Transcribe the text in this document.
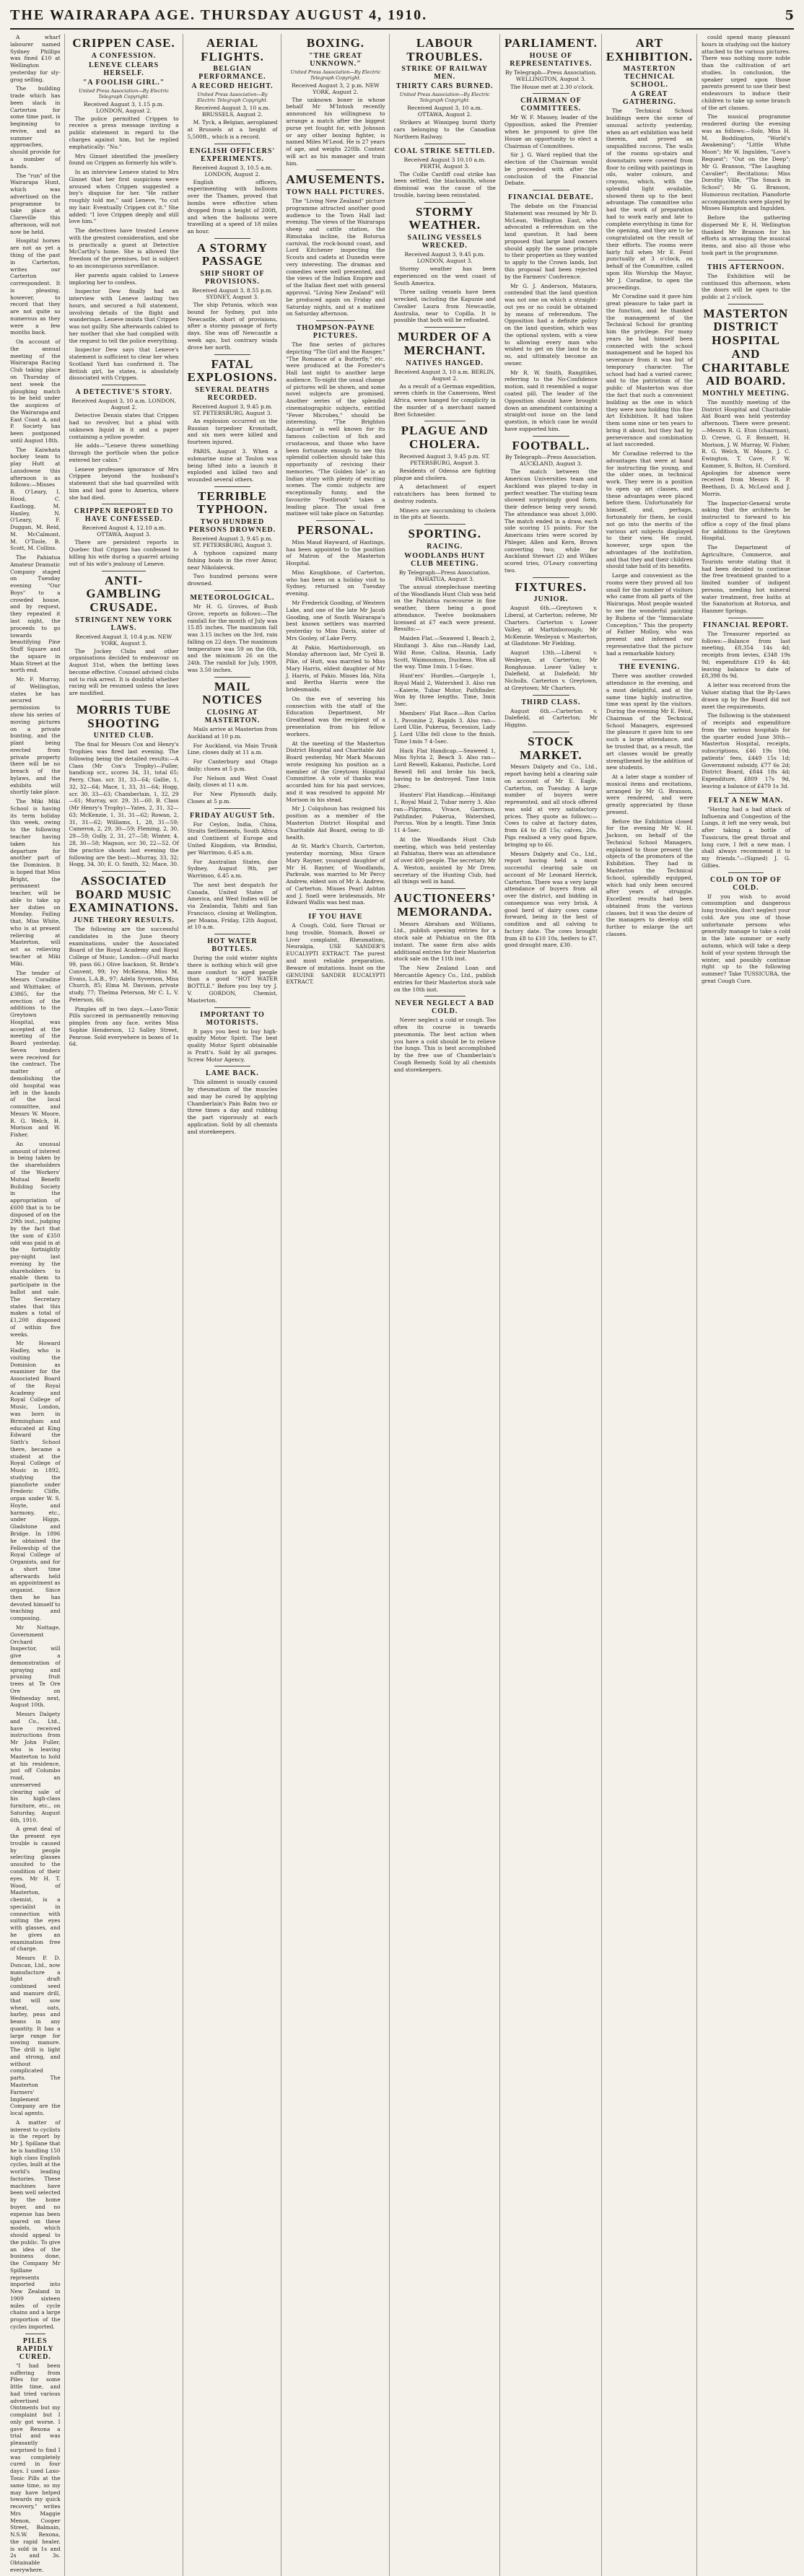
THE WAIRARAPA AGE. THURSDAY AUGUST 4, 1910.	5

A wharf labourer named Sydney Phillips was fined £10 at Wellington yesterday for sly-grog selling.

The building trade which has been slack in Carterton for some time past, is beginning to revive, and as summer approaches, should provide for a number of hands.

The "run" of the Wairarapa Hunt, which was advertised on the programme to take place at Clareville this afternoon, will not now be held.

Hospital horses are not as yet a thing of the past in Carterton, writes our Carterton correspondent. It is pleasing, however, to record that they are not quite so numerous as they were a few months back.

On account of the annual meeting of the Wairarapa Racing Club taking place on Thursday of next week the ploughing match to be held under the auspices of the Wairarapa and East Coast A. and P. Society has been postponed until August 18th.

The Kaiwhata hockey team to play Hutt at Lansdowne this afternoon is as follows:—Misses B. O'Leary, I. Hood, C. Eastlogg, M. Hanley, N. O'Leary, F. Duggan, M. Reid, M. McCalmont, M. O'Toole, B. Scott, M. Collins.

The Pahiatua Amateur Dramatic Company staged on Tuesday evening "Our Boys" to a crowded house, and by request, they repeated it last night, the proceeds to go towards beautifying Pine Stuff Square and the square in Main Street at the north end.

Mr. F. Murray, of Wellington, states he has secured permission to show his series of moving pictures on a private bunting, and the plant being erected from private property there will be no breach of the bylaws, and the exhibits will shortly take place.

The Miki Miki School is having its term holiday this week, owing to the following teacher having taken his departure for another part of the Dominion. It is hoped that Miss Bright, the permanent teacher, will be able to take up her duties on Monday. Failing that, Miss White, who is at present relieving at Masterton, will act as relieving teacher at Miki Miki.

The tender of Messrs Coradine and Whittaker, of £3865, for the erection of the additions to the Greytown Hospital, was accepted at the meeting of the Board yesterday. Seven tenders were received for the contract. The matter of demolishing the old hospital was left in the hands of the local committee, and Messrs W. Moore, R. G. Welch, H. Morison and W. Fisher.

An unusual amount of interest is being taken by the shareholders of the Workers' Mutual Benefit Building Society in the appropriation of £600 that is to be disposed of on the 29th inst., judging by the fact that the sum of £350 odd was paid in at the fortnightly pay-night last evening by the shareholders to enable them to participate in the ballot and sale. The Secretary states that this makes a total of £1,200 disposed of within five weeks.

Mr Howard Hadley, who is visiting the Dominion as examiner for the Associated Board of the Royal Academy and Royal College of Music, London, was born in Birmingham and educated at King Edward the Sixth's School there, became a student at the Royal College of Music in 1892, studying the pianoforte under Frederic Cliffe, organ under W. S. Hoyte, and harmony, etc., under Higgs, Gladstone and Bridge. In 1896 he obtained the Fellowship of the Royal College of Organists, and for a short time afterwards held an appointment as organist. Since then he has devoted himself to teaching and composing.

Mr Nottage, Government Orchard Inspector, will give a demonstration of spraying and pruning fruit trees at Te Ore Ore on Wednesday next, August 10th.

Messrs Dalgety and Co., Ltd., have received instructions from Mr John Fuller, who is leaving Masterton to hold at his residence, just off Columbo road, an unreserved clearing sale of his high-class furniture, etc., on Saturday, August 6th, 1910.

A great deal of the present eye trouble is caused by people selecting glasses unsuited to the condition of their eyes. Mr H. T. Wood, of Masterton, chemist, is a specialist in connection with suiting the eyes with glasses, and he gives an examination free of charge.

Messrs P. D. Duncan, Ltd., now manufacture a light draft combined seed and manure drill, that will sow wheat, oats, barley, peas and beans in any quantity. It has a large range for sowing manure. The drill is light and strong, and without complicated parts. The Masterton Farmers' Implement Company are the local agents.

A matter of interest to cyclists is the report by Mr J. Spillane that he is handling 150 high class English cycles, built at the world's leading factories. These machines have been well selected by the home buyer, and no expense has been spared on these models, which should appeal to the public. To give an idea of the business done, the Company Mr Spillane represents imported into New Zealand in 1909 sixteen miles of cycle chains and a large proportion of the cycles imported.

PILES RAPIDLY CURED.

"I had been suffering from Piles for some little time, and had tried various advertised Ointments but my complaint but I only got worse. I gave Rexona a trial and was pleasantly surprised to find I was completely cured in four days. I used Laxo-Tonic Pills at the same time, so my may have helped towards my quick recovery," writes Mrs Maggie Menon, Cooper Street, Balmain, N.S.W. Rexona, the rapid healer, is sold in 1s and 2s and 3s. Obtainable everywhere.

CRIPPEN CASE.
A CONFESSION.
LENEVE CLEARS HERSELF.
"A FOOLISH GIRL."
United Press Association—By Electric Telegraph Copyright.
Received August 3, 1.15 p.m. LONDON, August 2.

The police permitted Crippen to receive a press message inviting a public statement in regard to the charges against him, but he replied emphatically: "No."

Mrs Ginnet identified the jewellery found on Crippen as formerly his wife's.

In an interview Leneve stated to Mrs Ginnet that her first suspicions were aroused when Crippen suggested a boy's disguise for her. "He rather roughly told me," said Leneve, "to cut my hair. Eventually Crippen cut it." She added: "I love Crippen deeply and still love him."

The detectives have treated Leneve with the greatest consideration, and she is practically a guest at Detective McCarthy's home. She is allowed the freedom of the premises, but is subject to an inconspicuous surveillance.

Her parents again cabled to Leneve imploring her to confess.

Inspector Dew finally had an interview with Leneve lasting two hours, and secured a full statement, involving details of the flight and wanderings. Leneve insists that Crippen was not guilty. She afterwards cabled to her mother that she had complied with the request to tell the police everything.

Inspector Dew says that Leneve's statement is sufficient to clear her when Scotland Yard has confirmed it. The British girl, he states, is absolutely dissociated with Crippen.

A DETECTIVE'S STORY.
Received August 3, 10 a.m. LONDON, August 2.

Detective Dennis states that Crippen had no revolver, but a phial with unknown liquid in it and a paper containing a yellow powder.

He adds—"Leneve threw something through the porthole when the police entered her cabin."

Leneve professes ignorance of Mrs Crippen beyond the husband's statement that she had quarrelled with him and had gone to America, where she had died.

CRIPPEN REPORTED TO HAVE CONFESSED.
Received August 4, 12.10 a.m. OTTAWA, August 3.

There are persistent reports in Quebec that Crippen has confessed to killing his wife during a quarrel arising out of his wife's jealousy of Leneve.

ANTI-GAMBLING CRUSADE.
STRINGENT NEW YORK LAWS.
Received August 3, 10.4 p.m. NEW YORK, August 3.

The Jockey Clubs and other organisations decided to endeavour on August 31st, when the betting laws become effective. Counsel advised clubs not to risk arrest. It is doubtful whether racing will be resumed unless the laws are modified.

MORRIS TUBE SHOOTING
UNITED CLUB.

The final for Messrs Cox and Henry's Trophies was fired last evening. The following being the detailed results:—A Class (Mr Cox's Trophy)—Fuller, handicap scr., scores 34, 31, total 65; Perry, Chas. scr. 31, 33—64; Gallie, 1, 32, 32—64; Mace, 1, 33, 31—64; Hogg, scr. 30, 33—63; Chamberlain, 1, 32, 29—61; Murray, scr. 29, 31—60. B. Class (Mr Henry's Trophy)—Yates, 2, 31, 32—63; McKenzie, 1, 31, 31—62; Rowan, 2, 31, 31—62; Williams, 1, 28, 31—59; Cameron, 2, 29, 30—59; Fleming, 2, 30, 29—59; Gully, 2, 31, 27—58; Winter, 4, 28, 30—58; Magson, scr. 30, 22—52. Of the practice shoots last evening the following are the best:—Murray, 33, 32; Hogg, 34, 30; E. O. Smith, 32; Mace, 30.

ASSOCIATED BOARD MUSIC EXAMINATIONS.
JUNE THEORY RESULTS.

The following are the successful candidates in the June theory examinations, under the Associated Board of the Royal Academy and Royal College of Music, London:—(Full marks 99, pass 66.) Olive Isackson, St. Bride's Convent, 99; Ivy McKenna, Miss M. Evans, L.A.B., 97; Adela Syverson, Miss Church, 85; Elma M. Davison, private study, 77; Thelma Peterson, Mr C. L. V. Peterson, 66.

Pimples off in two days.—Laxo-Tonic Pills succeed in permanently removing pimples from any face. writes Miss Sophie Henderson, 12 Salley Street, Penrose. Sold everywhere in boxes of 1s 6d.

AERIAL FLIGHTS.
BELGIAN PERFORMANCE.
A RECORD HEIGHT.
United Press Association—By Electric Telegraph Copyright.
Received August 3, 10 a.m. BRUSSELS, August 2.

M. Tyck, a Belgian, aeroplaned at Brussels at a height of 5,500ft., which is a record.

ENGLISH OFFICERS' EXPERIMENTS.
Received August 3, 10.5 a.m. LONDON, August 2.

English officers, experimenting with balloons over the Thames, proved that bombs were effective when dropped from a height of 200ft, and when the balloons were travelling at a speed of 18 miles an hour.

A STORMY PASSAGE
SHIP SHORT OF PROVISIONS.
Received August 3, 8.55 p.m. SYDNEY, August 3.

The ship Petunia, which was bound for Sydney, put into Newcastle, short of provisions, after a stormy passage of forty days. She was off Newcastle a week ago, but contrary winds drove her north.

FATAL EXPLOSIONS.
SEVERAL DEATHS RECORDED.
Received August 3, 9.45 p.m. ST. PETERSBURG, August 3.

An explosion occurred on the Russian torpedoer Kronstadt, and six men were killed and fourteen injured.

PARIS, August 3. When a submarine mine at Toulon was being lifted into a launch it exploded and killed two and wounded several others.

TERRIBLE TYPHOON.
TWO HUNDRED PERSONS DROWNED.
Received August 3, 9.45 p.m. ST. PETERSBURG, August 3.

A typhoon capsized many fishing boats in the river Amur, near Nikolaievsk.

Two hundred persons were drowned.

METEOROLOGICAL.

Mr H. G. Groves, of Bush Grove, reports as follows:—The rainfall for the month of July was 15.85 inches. The maximum fall was 3.15 inches on the 3rd, rain falling on 22 days. The maximum temperature was 59 on the 6th, and the minimum 26 on the 24th. The rainfall for July, 1909, was 3.50 inches.

MAIL NOTICES
CLOSING AT MASTERTON.

Mails arrive at Masterton from Auckland at 10 p.m.

For Auckland, via Main Trunk Line, closes daily at 11 a.m.

For Canterbury and Otago daily; closes at 5 p.m.

For Nelson and West Coast daily, closes at 11 a.m.

For New Plymouth daily. Closes at 5 p.m.

FRIDAY AUGUST 5th.

For Ceylon, India, China, Straits Settlements, South Africa and Continent of Europe and United Kingdom, via Brindisi, per Warrimoo, 6.45 a.m.

For Australian States, due Sydney, August 9th, per Warrimoo, 6.45 a.m.

The next best despatch for Canada, United States of America, and West Indies will be via Zealandia, Tahiti and San Francisco, closing at Wellington, per Moana, Friday, 12th August, at 10 a.m.

HOT WATER BOTTLES.

During the cold winter nights there is nothing which will give more comfort to aged people than a good "HOT WATER BOTTLE." Before you buy try J. V. GORDON, Chemist, Masterton.

IMPORTANT TO MOTORISTS.

It pays you best to buy high-quality Motor Spirit. The best quality Motor Spirit obtainable is Pratt's. Sold by all garages. Screw Motor Agency.

LAME BACK.

This ailment is usually caused by rheumatism of the muscles and may be cured by applying Chamberlain's Pain Balm two or three times a day and rubbing the part vigorously at each application. Sold by all chemists and storekeepers.

BOXING.
"THE GREAT UNKNOWN."
United Press Association—By Electric Telegraph Copyright.
Received August 3, 2 p.m. NEW YORK, August 2.

The unknown boxer in whose behalf Mr M'Intosh recently announced his willingness to arrange a match after the biggest purse yet fought for, with Johnson or any other boxing fighter, is named Miles M'Leod. He is 27 years of age, and weighs 220lb. Contest will act as his manager and train him.

AMUSEMENTS.
TOWN HALL PICTURES.

The "Living New Zealand" picture programme attracted another good audience to the Town Hall last evening. The views of the Wairarapa sheep and cattle station, the Rimutaka incline, the Rotorua carnival, the rock-bound coast, and Lord Kitchener inspecting the Scouts and cadets at Dunedin were very interesting. The dramas and comedies were well presented, and the views of the Indian Empire and of the Italian fleet met with general approval. "Living New Zealand" will be produced again on Friday and Saturday nights, and at a matinee on Saturday afternoon.

THOMPSON-PAYNE PICTURES.

The fine series of pictures depicting "The Girl and the Ranger," "The Romance of a Butterfly," etc. were produced at the Forester's Hall last night to another large audience. To-night the usual change of pictures will be shown, and some novel subjects are promised. Another series of the splendid cinematographic subjects, entitled "Fever Microbes," should be interesting. "The Brighton Aquarium" is well known for its famous collection of fish and crustaceous, and those who have been fortunate enough to see this splendid collection should take this opportunity of reviving their memories. "The Golden Isle" is an Indian story with plenty of exciting scenes. The comic subjects are exceptionally funny, and the favourite "Footbrook" takes a leading place. The usual free matinee will take place on Saturday.

PERSONAL.

Miss Maud Hayward, of Hastings, has been appointed to the position of Matron of the Masterton Hospital.

Miss Koughbone, of Carterton, who has been on a holiday visit to Sydney, returned on Tuesday evening.

Mr Frederick Gooding, of Western Lake, and one of the late Mr Jacob Gooding, one of South Wairarapa's best known settlers was married yesterday to Miss Davis, sister of Mrs Gooley, of Lake Ferry.

At Pakio, Martinborough, on Monday afternoon last, Mr Cyril B. Pike, of Hutt, was married to Miss Mary Harris, eldest daughter of Mr J. Harris, of Pakio. Misses Ida, Nita and Bertha Harris were the bridesmaids.

On the eve of severing his connection with the staff of the Education Department, Mr Greathead was the recipient of a presentation from his fellow workers.

At the meeting of the Masterton District Hospital and Charitable Aid Board yesterday, Mr Mark Maconn wrote resigning his position as a member of the Greytown Hospital Committee. A vote of thanks was accorded him for his past services, and it was resolved to appoint Mr Morison in his stead.

Mr J. Colquhoun has resigned his position as a member of the Masterton District Hospital and Charitable Aid Board, owing to ill-health.

At St. Mark's Church, Carterton, yesterday morning, Miss Grace Mary Rayner, youngest daughter of Mr H. Rayner, of Woodlands, Parkvale, was married to Mr Percy Andrew, eldest son of Mr A. Andrew, of Carterton. Misses Pearl Ashton and J. Snell were bridesmaids, Mr Edward Wallis was best man.

IF YOU HAVE

A Cough, Cold, Sore Throat or lung trouble, Stomach, Bowel or Liver complaint, Rheumatism, Neuralgia, USE SANDER'S EUCALYPTI EXTRACT. The purest and most reliable preparation. Beware of imitations. Insist on the GENUINE SANDER EUCALYPTI EXTRACT.

LABOUR TROUBLES.
STRIKE OF RAILWAY MEN.
THIRTY CARS BURNED.
United Press Association—By Electric Telegraph Copyright.
Received August 3, 10 a.m. OTTAWA, August 2.

Strikers at Winnipeg burnt thirty cars belonging to the Canadian Northern Railway.

COAL STRIKE SETTLED.
Received August 3 10.10 a.m. PERTH, August 3.

The Collie Cardiff coal strike has been settled, the blacksmith, whose dismissal was the cause of the trouble, having been reinstated.

STORMY WEATHER.
SAILING VESSELS WRECKED.
Received August 3, 9.45 p.m. LONDON, August 3.

Stormy weather has been experienced on the west coast of South America.

Three sailing vessels have been wrecked, including the Kapunie and Cavalier Laura from Newcastle, Australia, near to Copilla. It is possible that both will be refloated.

MURDER OF A MERCHANT.
NATIVES HANGED.
Received August 3, 10 a.m. BERLIN, August 2.

As a result of a German expedition, seven chiefs in the Cameroons, West Africa, were hanged for complicity in the murder of a merchant named Bret Schneider.

PLAGUE AND CHOLERA.
Received August 3, 9.45 p.m. ST. PETERSBURG, August 3.

Residents of Odessa are fighting plague and cholera.

A detachment of expert ratcatchers has been formed to destroy rodents.

Miners are succumbing to cholera in the pits at Soonts.

SPORTING.
RACING.
WOODLANDS HUNT CLUB MEETING.
By Telegraph—Press Association. PAHIATUA, August 3.

The annual steeplechase meeting of the Woodlands Hunt Club was held on the Pahiatua racecourse in fine weather, there being a good attendance. Twelve bookmakers licensed at £7 each were present. Results:—

Maiden Flat.—Seaweed 1, Beach 2, Hinitangi 3. Also ran—Handy Lad, Wild Rose, Calina, Haunia, Lady Scott, Waimoumou, Duchess. Won all the way. Time 1min. 1 5-6sec.

Hunt'ers' Hurdles.—Gargoyle 1, Royal Maid 2, Watershed 3. Also ran—Kaierie, Tubar Motor, Pathfinder. Won by three lengths. Time, 3min 3sec.

Members' Flat Race.—Ron Carlos 1, Pavonine 2, Rapids 3. Also ran—Lord Ullie, Pukerua, Secession, Lady J. Lord Ullie fell close to the finish. Time 1min 7 4-5sec.

Hack Flat Handicap.—Seaweed 1, Miss Sylvia 2, Beach 3. Also ran—Lord Rewell, Kakanui, Pastiche, Lord Rewell fell and broke his back, having to be destroyed. Time 1min 29sec.

Hunters' Flat Handicap.—Hinitangi 1, Royal Maid 2, Tubar merry 3. Also ran—Pilgrims, Vivace, Garrison, Pathfinder, Pukerua, Watershed, Porcus. Won by a length. Time 3min 11 4-5sec.

At the Woodlands Hunt Club meeting, which was held yesterday at Pahiatua, there was an attendance of over 400 people. The secretary, Mr A. Weston, assisted by Mr Drew, secretary of the Hunting Club, had all things well in hand.

AUCTIONEERS' MEMORANDA.

Messrs Abraham and Williams, Ltd., publish opening entries for a stock sale at Pahiatua on the 8th instant. The same firm also adds additional entries for their Masterton stock sale on the 11th inst.

The New Zealand Loan and Mercantile Agency Co., Ltd., publish entries for their Masterton stock sale on the 10th inst.

NEVER NEGLECT A BAD COLD.

Never neglect a cold or cough. Too often its course is towards pneumonia. The best action when you have a cold should be to relieve the lungs. This is best accomplished by the free use of Chamberlain's Cough Remedy. Sold by all chemists and storekeepers.

PARLIAMENT.
HOUSE OF REPRESENTATIVES.
By Telegraph—Press Association. WELLINGTON, August 3.

The House met at 2.30 o'clock.

CHAIRMAN OF COMMITTEES.

Mr W. F. Massey, leader of the Opposition, asked the Premier when he proposed to give the House an opportunity to elect a Chairman of Committees.

Sir J. G. Ward replied that the election of the Chairman would be proceeded with after the conclusion of the Financial Debate.

FINANCIAL DEBATE.

The debate on the Financial Statement was resumed by Mr D. McLean, Wellington East, who advocated a referendum on the land question. It had been proposed that large land owners should apply the same principle to their properties as they wanted to apply to the Crown lands, but this proposal had been rejected by the Farmers' Conference.

Mr G. J. Anderson, Mataura, contended that the land question was not one on which a straight-out yes or no could be obtained by means of referendum. The Opposition had a definite policy on the land question, which was the optional system, with a view to allowing every man who wished to get on the land to do so, and ultimately become an owner.

Mr R. W. Smith, Rangitikei, referring to the No-Confidence motion, said it resembled a sugar coated pill. The leader of the Opposition should have brought down an amendment containing a straight-out issue on the land question, in which case he would have supported him.

FOOTBALL.
By Telegraph—Press Association. AUCKLAND, August 3.

The match between the American Universities team and Auckland was played to-day in perfect weather. The visiting team showed surprisingly good form, their defence being very sound. The attendance was about 3,000. The match ended in a draw, each side scoring 15 points. For the Americans tries were scored by Phleger, Allen and Kern, Brown converting two; while for Auckland Stewart (2) and Wilkes scored tries, O'Leary converting two.

FIXTURES.
JUNIOR.

August 6th.—Greytown v. Liberal, at Carterton; referee, Mr Charters. Carterton v. Lower Valley, at Martinborough; Mr McKenzie. Wesleyan v. Masterton, at Gladstone: Mr Fielding.

August 13th.—Liberal v. Wesleyan, at Carterton; Mr Ronghouse. Lower Valley v. Dalefield, at Dalefield; Mr Nicholls. Carterton v. Greytown, at Greytown; Mr Charters.

THIRD CLASS.

August 6th.—Carterton v. Dalefield, at Carterton; Mr Higgins.

STOCK MARKET.

Messrs Dalgety and Co., Ltd., report having held a clearing sale on account of Mr E. Eagle, Carterton, on Tuesday. A large number of buyers were represented, and all stock offered was sold at very satisfactory prices. They quote as follows:—Cows to calve at factory dates, from £4 to £8 15s; calves, 20s. Pigs realised a very good figure, bringing up to £6.

Messrs Dalgety and Co., Ltd., report having held a most successful clearing sale on account of Mr Leonard Herrick, Carterton. There was a very large attendance of buyers from all over the district, and bidding in consequence was very brisk. A good herd of dairy cows came forward, being in the best of condition and all calving to factory date. The cows brought from £8 to £10 10s, heifers to £7, good draught mare, £30.

ART EXHIBITION.
MASTERTON TECHNICAL SCHOOL.
A GREAT GATHERING.

The Technical School buildings were the scene of unusual activity yesterday, when an art exhibition was held therein, and proved an unqualified success. The walls of the rooms up-stairs and downstairs were covered from floor to ceiling with paintings in oils, water colours, and crayons, which, with the splendid light available, showed them up to the best advantage. The committee who had the work of preparation had to work early and late to complete everything in time for the opening, and they are to be congratulated on the result of their efforts. The rooms were fairly full when Mr E. Feist punctually at 3 o'clock, on behalf of the Committee, called upon His Worship the Mayor, Mr J. Coradine, to open the proceedings.

Mr Coradine said it gave him great pleasure to take part in the function, and he thanked the management of the Technical School for granting him the privilege. For many years he had himself been connected with the school management and he hoped his severance from it was but of temporary character. The school had had a varied career, and to the patriotism of the public of Masterton was due the fact that such a convenient building as the one in which they were now holding this fine Art Exhibition. It had taken them some nine or ten years to bring it about, but they had by perseverance and combination at last succeeded.

Mr Coradine referred to the advantages that were at hand for instructing the young, and the older ones, in technical work. They were in a position to open up art classes, and these advantages were placed before them. Unfortunately for himself, and, perhaps, fortunately for them, he could not go into the merits of the various art subjects displayed to their view. He could, however, urge upon the advantages of the institution, and that they and their children should take hold of its benefits.

Large and convenient as the rooms were they proved all too small for the number of visitors who came from all parts of the Wairarapa. Most people wanted to see the wonderful painting by Rubens of the "Immaculate Conception." This the property of Father Molloy, who was present and informed our representative that the picture had a remarkable history.

THE EVENING.

There was another crowded attendance in the evening, and a most delightful, and at the same time highly instructive, time was spent by the visitors. During the evening Mr E. Feist, Chairman of the Technical School Managers, expressed the pleasure it gave him to see such a large attendance, and he trusted that, as a result, the art classes would be greatly strengthened by the addition of new students.

At a later stage a number of musical items and recitations, arranged by Mr G. Branson, were rendered, and were greatly appreciated by those present.

Before the Exhibition closed for the evening Mr W. H. Jackson, on behalf of the Technical School Managers, explained to those present the objects of the promoters of the Exhibition. They had in Masterton the Technical School, splendidly equipped, which had only been secured after years of struggle. Excellent results had been obtained from the various classes, but it was the desire of the managers to develop still further to enlarge the art classes.

could spend many pleasant hours in studying out the history attached to the various pictures. There was nothing more noble than the cultivation of art studies. In conclusion, the speaker urged upon those parents present to use their best endeavours to induce their children to take up some branch of the art classes.

The musical programme rendered during the evening was as follows:—Solo, Miss H. M. Boddington, "World's Awakening"; "Little White Moon"; Mr W. Ingulden, "Love's Request"; "Out on the Deep"; Mr G. Branson, "The Laughing Cavalier"; Recitations: Miss Dorothy Ville, "The Smack in School"; Mr G. Branson, Humorous recitation. Pianoforte accompaniments were played by Misses Hampton and Ingulden.

Before the gathering dispersed Mr E. H. Wellington thanked Mr Branson for his efforts in arranging the musical items, and also all those who took part in the programme.

THIS AFTERNOON.

The Exhibition will be continued this afternoon, when the doors will be open to the public at 2 o'clock.

MASTERTON DISTRICT HOSPITAL AND CHARITABLE AID BOARD.
MONTHLY MEETING.

The monthly meeting of the District Hospital and Charitable Aid Board was held yesterday afternoon. There were present:—Messrs R. G. Eton (chairman), D. Crewe, G. F. Bennett, H. Morison, J. W. Murray, W. Fisher, R. G. Welch, W. Moore, J. C. Ewington, T. Cave, F. W. Kummer, S. Bolton, H. Cornford. Apologies for absence were received from Messrs R. P. Beetham, D. A. McLeod and J. Morris.

The Inspector-General wrote asking that the architects be instructed to forward to his office a copy of the final plans for additions to the Greytown Hospital.

The Department of Agriculture, Commerce, and Tourists wrote stating that it had been decided to continue the free treatment granted to a limited number of indigent persons, needing hot mineral water treatment, free baths at the Sanatorium at Rotorua, and Hanmer Springs.

FINANCIAL REPORT.

The Treasurer reported as follows:—Balance from last meeting, £8,354 14s 4d; receipts from levies, £348 19s 9d; expenditure £19 4s 4d; leaving balance to date of £8,398 0s 9d.

A letter was received from the Valuer stating that the By-Laws drawn up by the Board did not meet the requirements.

The following is the statement of receipts and expenditure from the various hospitals for the quarter ended June 30th—Masterton Hospital, receipts, subscriptions, £46 19s 10d; patients' fees, £449 15s 1d; Government subsidy, £77 6s 2d; District Board, £844 18s 4d; Expenditure, £809 17s 9d, leaving a balance of £479 1s 3d.

FELT A NEW MAN.

"Having had a bad attack of Influenza and Congestion of the Lungs, it left me very weak, but after taking a bottle of Tussicura, the great throat and lung cure, I felt a new man. I shall always recommend it to my friends."—(Signed) J. G. Gillies.

COLD ON TOP OF COLD.

If you wish to avoid consumption and dangerous lung troubles, don't neglect your cold. Are you one of those unfortunate persons who generally manage to take a cold in the late summer or early autumn, which will take a deep hold of your system through the winter, and possibly continue right up to the following summer? Take TUSSICURA, the great Cough Cure.
